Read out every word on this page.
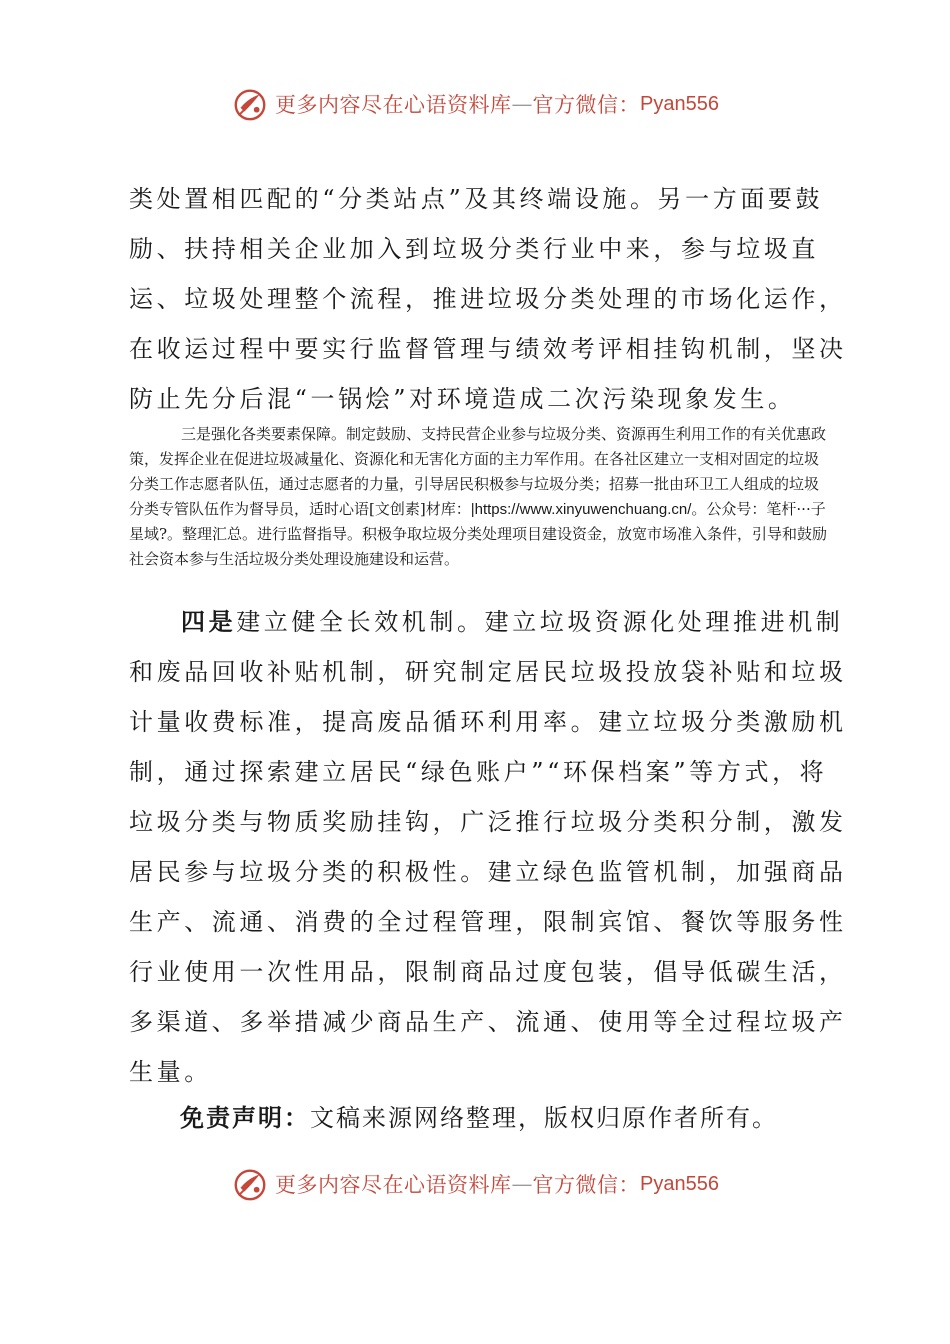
更多内容尽在心语资料库 — 官方微信： Pyan556

类处置相匹配的“分类站点”及其终端设施。另一方面要鼓励、扶持相关企业加入到垃圾分类行业中来，参与垃圾直运、垃圾处理整个流程，推进垃圾分类处理的市场化运作，在收运过程中要实行监督管理与绩效考评相挂钩机制，坚决防止先分后混“一锅烩”对环境造成二次污染现象发生。

三是强化各类要素保障。制定鼓励、支持民营企业参与垃圾分类、资源再生利用工作的有关优惠政策，发挥企业在促进垃圾减量化、资源化和无害化方面的主力军作用。在各社区建立一支相对固定的垃圾分类工作志愿者队伍，通过志愿者的力量，引导居民积极参与垃圾分类；招募一批由环卫工人组成的垃圾分类专管队伍作为督导员，适时心语[文创素]材库：|https://www.xinyuwenchuang.cn/。公众号：笔杆···子星域?。整理汇总。进行监督指导。积极争取垃圾分类处理项目建设资金，放宽市场准入条件，引导和鼓励社会资本参与生活垃圾分类处理设施建设和运营。

四是建立健全长效机制。建立垃圾资源化处理推进机制和废品回收补贴机制，研究制定居民垃圾投放袋补贴和垃圾计量收费标准，提高废品循环利用率。建立垃圾分类激励机制，通过探索建立居民“绿色账户”“环保档案”等方式，将垃圾分类与物质奖励挂钩，广泛推行垃圾分类积分制，激发居民参与垃圾分类的积极性。建立绿色监管机制，加强商品生产、流通、消费的全过程管理，限制宾馆、餐饮等服务性行业使用一次性用品，限制商品过度包装，倡导低碳生活，多渠道、多举措减少商品生产、流通、使用等全过程垃圾产生量。

免责声明：文稿来源网络整理，版权归原作者所有。

更多内容尽在心语资料库 — 官方微信： Pyan556
